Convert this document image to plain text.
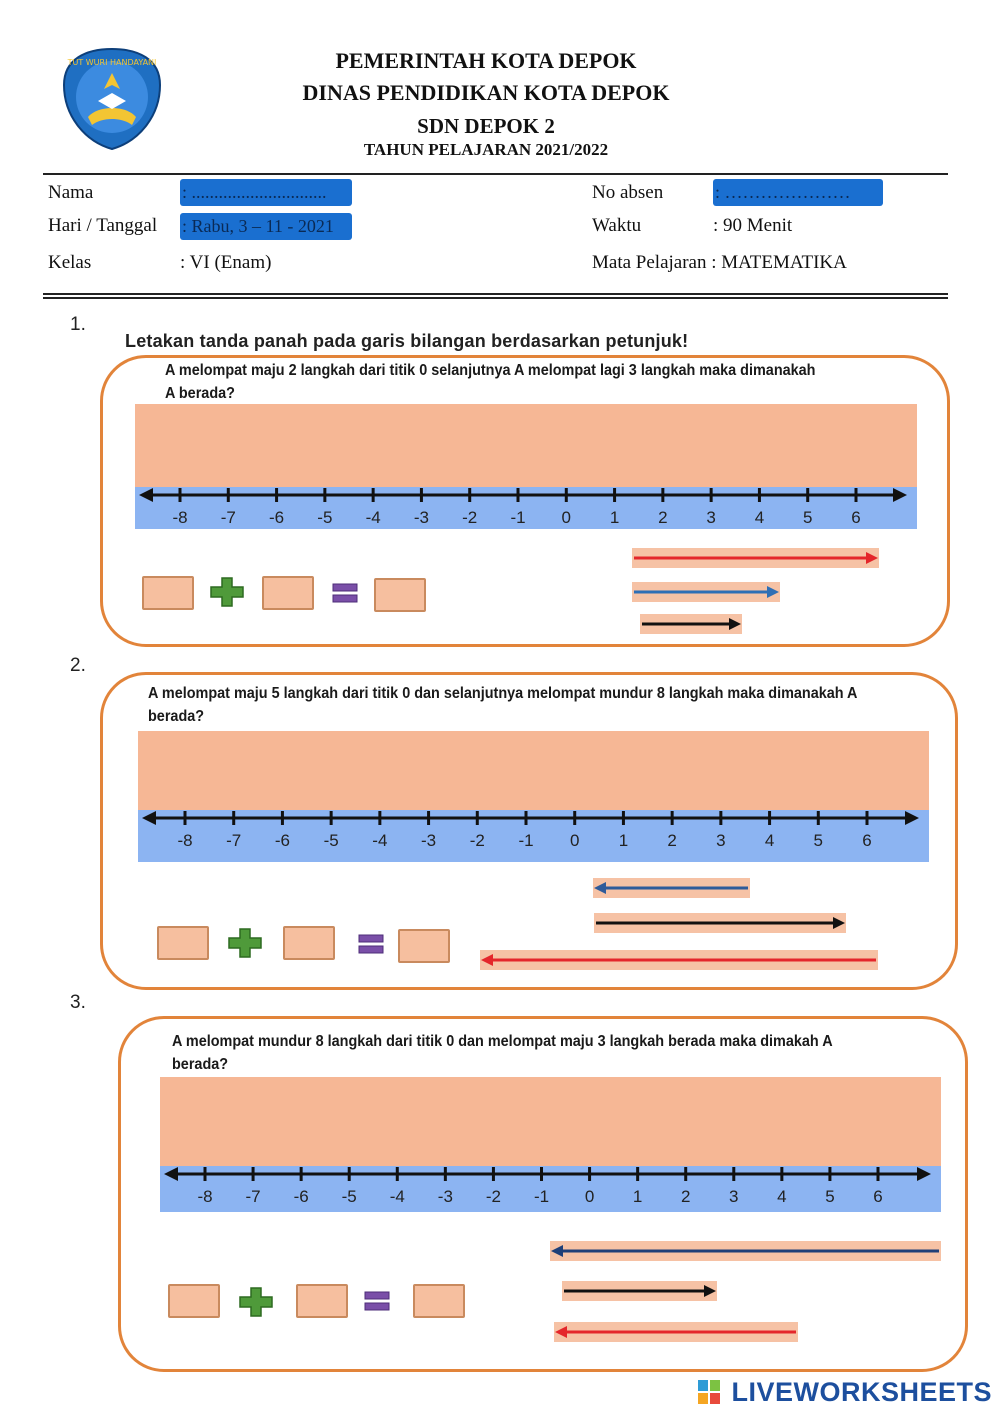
TUT WURI HANDAYANI	PEMERINTAH KOTA DEPOK
DINAS PENDIDIKAN KOTA DEPOK
SDN DEPOK 2
TAHUN PELAJARAN 2021/2022
Nama	: ..............................
Hari / Tanggal : Rabu, 3 – 11 - 2021
Kelas	: VI (Enam)
No absen	: …………………
Waktu	: 90 Menit
Mata Pelajaran : MATEMATIKA
1.
Letakan tanda panah pada garis bilangan berdasarkan petunjuk!
A melompat maju 2 langkah dari titik 0 selanjutnya A melompat lagi 3 langkah maka dimanakah
A berada?
-8 -7 -6 -5 -4 -3 -2 -1 0 1 2 3 4 5 6
2.
A melompat maju 5 langkah dari titik 0 dan selanjutnya melompat mundur 8 langkah maka dimanakah A
berada?
-8 -7 -6 -5 -4 -3 -2 -1 0 1 2 3 4 5 6
3.
A melompat mundur 8 langkah dari titik 0 dan melompat maju 3 langkah berada maka dimakah A
berada?
-8 -7 -6 -5 -4 -3 -2 -1 0 1 2 3 4 5 6
LIVEWORKSHEETS
